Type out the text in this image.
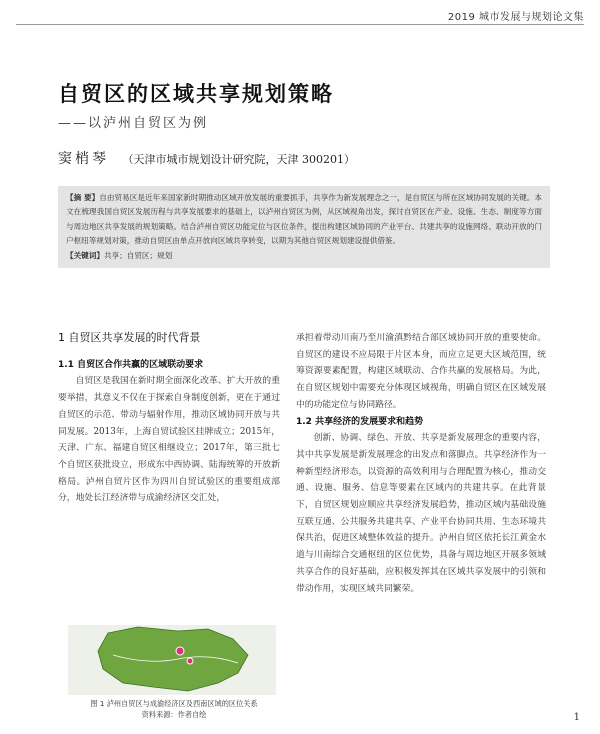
2019 城市发展与规划论文集
自贸区的区域共享规划策略
——以泸州自贸区为例
窦梢琴 （天津市城市规划设计研究院，天津 300201）
【摘 要】自由贸易区是近年来国家新时期推动区域开放发展的重要抓手，共享作为新发展理念之一，是自贸区与所在区域协同发展的关键。本文在梳理我国自贸区发展历程与共享发展要求的基础上，以泸州自贸区为例，从区域视角出发，探讨自贸区在产业、设施、生态、制度等方面与周边地区共享发展的规划策略。结合泸州自贸区功能定位与区位条件，提出构建区域协同的产业平台、共建共享的设施网络、联动开放的门户枢纽等规划对策，推动自贸区由单点开放向区域共享转变，以期为其他自贸区规划建设提供借鉴。
【关键词】共享；自贸区；规划
1 自贸区共享发展的时代背景
1.1 自贸区合作共赢的区域联动要求

自贸区是我国在新时期全面深化改革、扩大开放的重要举措，其意义不仅在于探索自身制度创新，更在于通过自贸区的示范、带动与辐射作用，推动区域协同开放与共同发展。2013年，上海自贸试验区挂牌成立；2015年，天津、广东、福建自贸区相继设立；2017年，第三批七个自贸区获批设立，形成东中西协调、陆海统筹的开放新格局。泸州自贸片区作为四川自贸试验区的重要组成部分，地处长江经济带与成渝经济区交汇处，

承担着带动川南乃至川渝滇黔结合部区域协同开放的重要使命。自贸区的建设不应局限于片区本身，而应立足更大区域范围，统筹资源要素配置，构建区域联动、合作共赢的发展格局。为此，在自贸区规划中需要充分体现区域视角，明确自贸区在区域发展中的功能定位与协同路径。

1.2 共享经济的发展要求和趋势

创新、协调、绿色、开放、共享是新发展理念的重要内容，其中共享发展是新发展理念的出发点和落脚点。共享经济作为一种新型经济形态，以资源的高效利用与合理配置为核心，推动交通、设施、服务、信息等要素在区域内的共建共享。在此背景下，自贸区规划应顺应共享经济发展趋势，推动区域内基础设施互联互通、公共服务共建共享、产业平台协同共用、生态环境共保共治，促进区域整体效益的提升。泸州自贸区依托长江黄金水道与川南综合交通枢纽的区位优势，具备与周边地区开展多领域共享合作的良好基础，应积极发挥其在区域共享发展中的引领和带动作用，实现区域共同繁荣。

图 1 泸州自贸区与成渝经济区及西南区域的区位关系
资料来源：作者自绘	1
